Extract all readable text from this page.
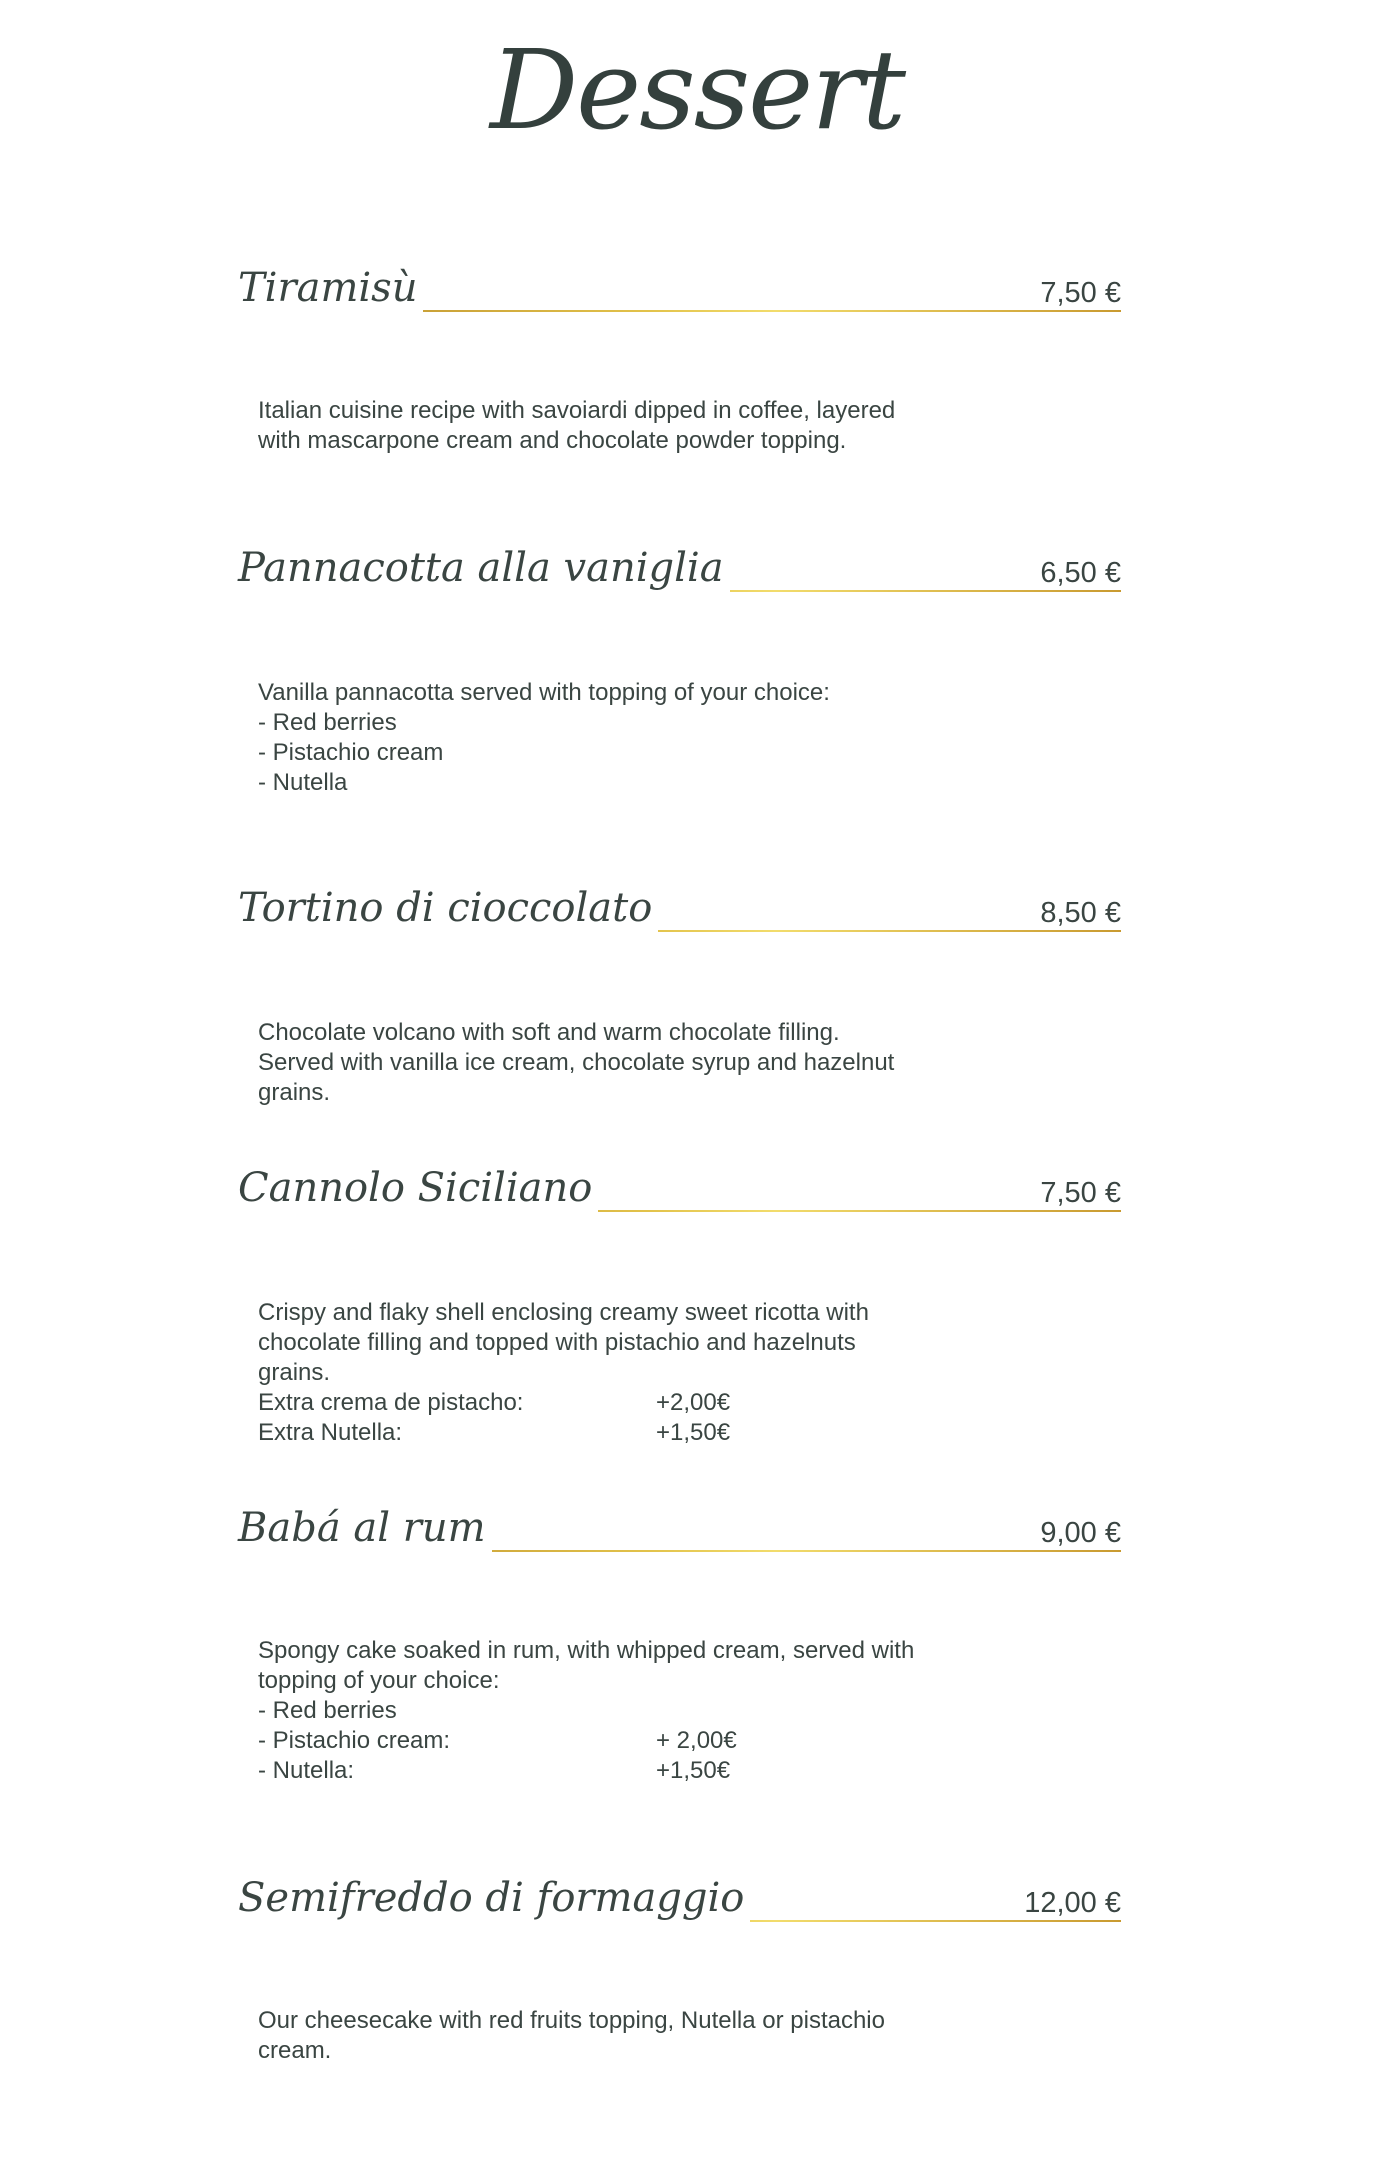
Dessert
Tiramisù	7,50 €
Italian cuisine recipe with savoiardi dipped in coffee, layered
with mascarpone cream and chocolate powder topping.
Pannacotta alla vaniglia	6,50 €
Vanilla pannacotta served with topping of your choice:
- Red berries
- Pistachio cream
- Nutella
Tortino di cioccolato	8,50 €
Chocolate volcano with soft and warm chocolate filling.
Served with vanilla ice cream, chocolate syrup and hazelnut
grains.
Cannolo Siciliano	7,50 €
Crispy and flaky shell enclosing creamy sweet ricotta with
chocolate filling and topped with pistachio and hazelnuts
grains.
Extra crema de pistacho:	+2,00€
Extra Nutella:	+1,50€
Babá al rum	9,00 €
Spongy cake soaked in rum, with whipped cream, served with
topping of your choice:
- Red berries
- Pistachio cream:	+ 2,00€
- Nutella:	+1,50€
Semifreddo di formaggio	12,00 €
Our cheesecake with red fruits topping, Nutella or pistachio
cream.
